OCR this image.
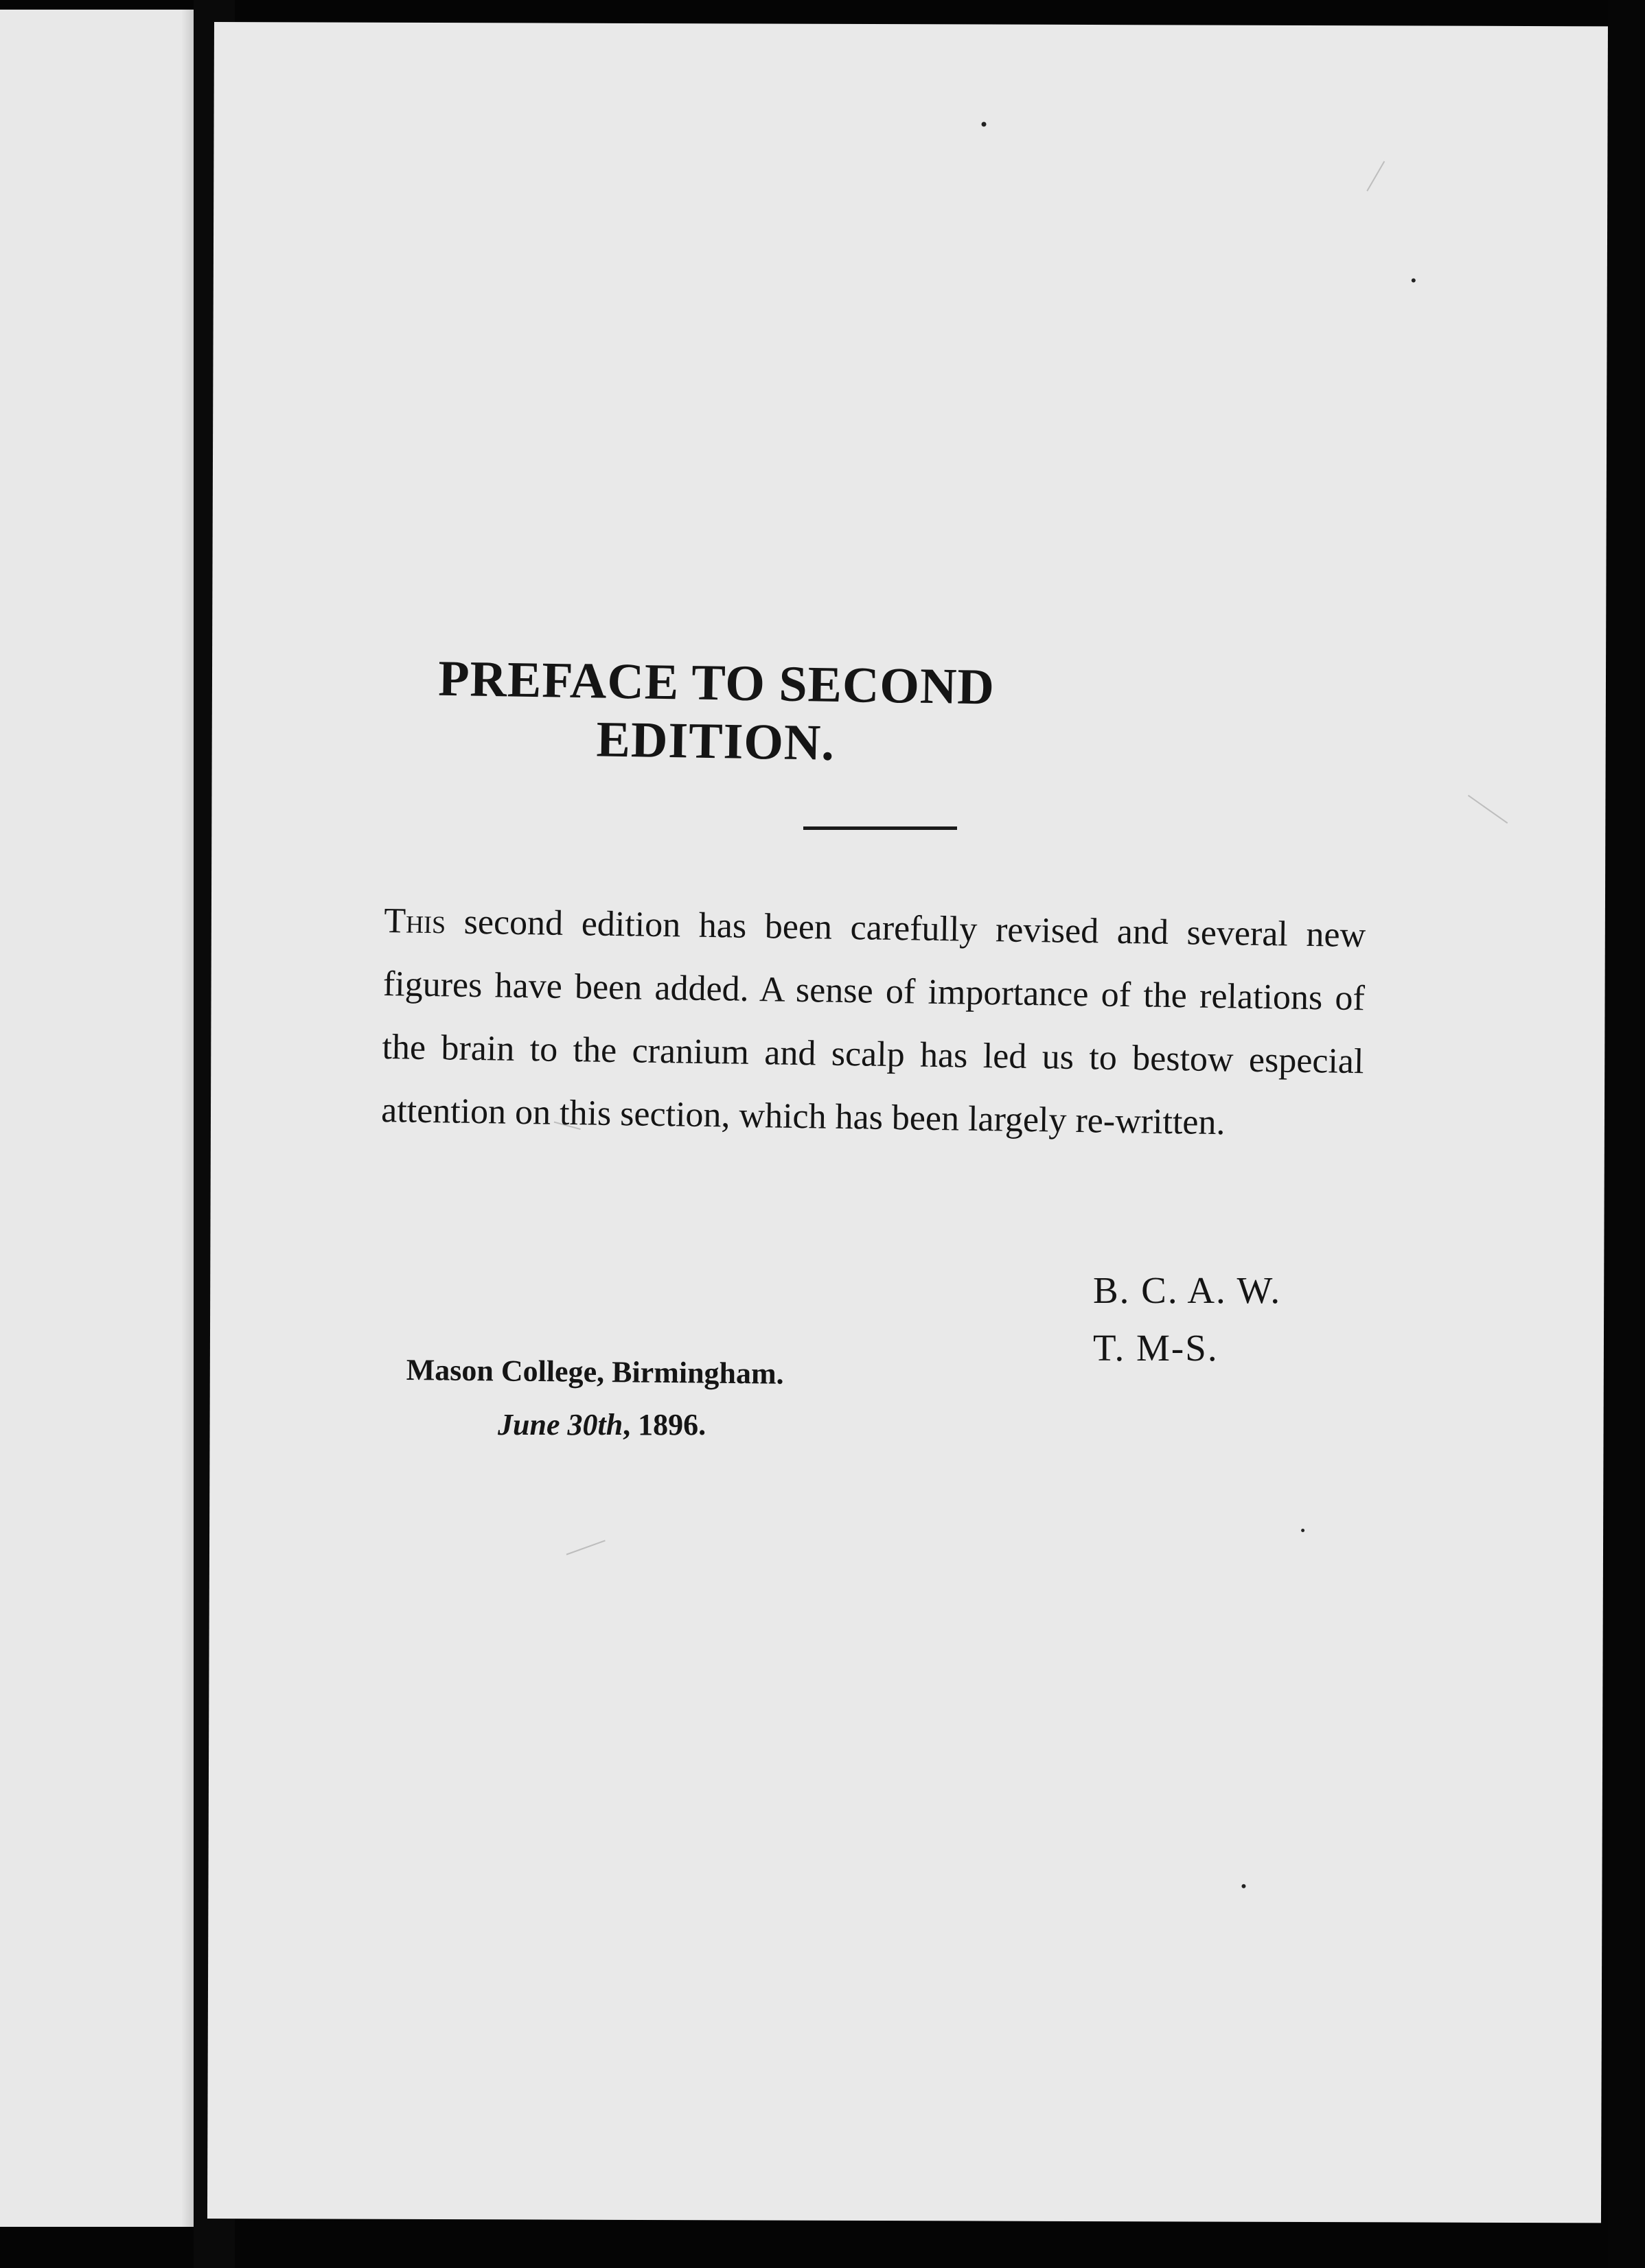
PREFACE TO SECOND EDITION.

This second edition has been carefully revised and several new figures have been added. A sense of importance of the relations of the brain to the cranium and scalp has led us to bestow especial attention on this section, which has been largely re-written.

B. C. A. W.
T. M-S.

Mason College, Birmingham.

June 30th, 1896.
